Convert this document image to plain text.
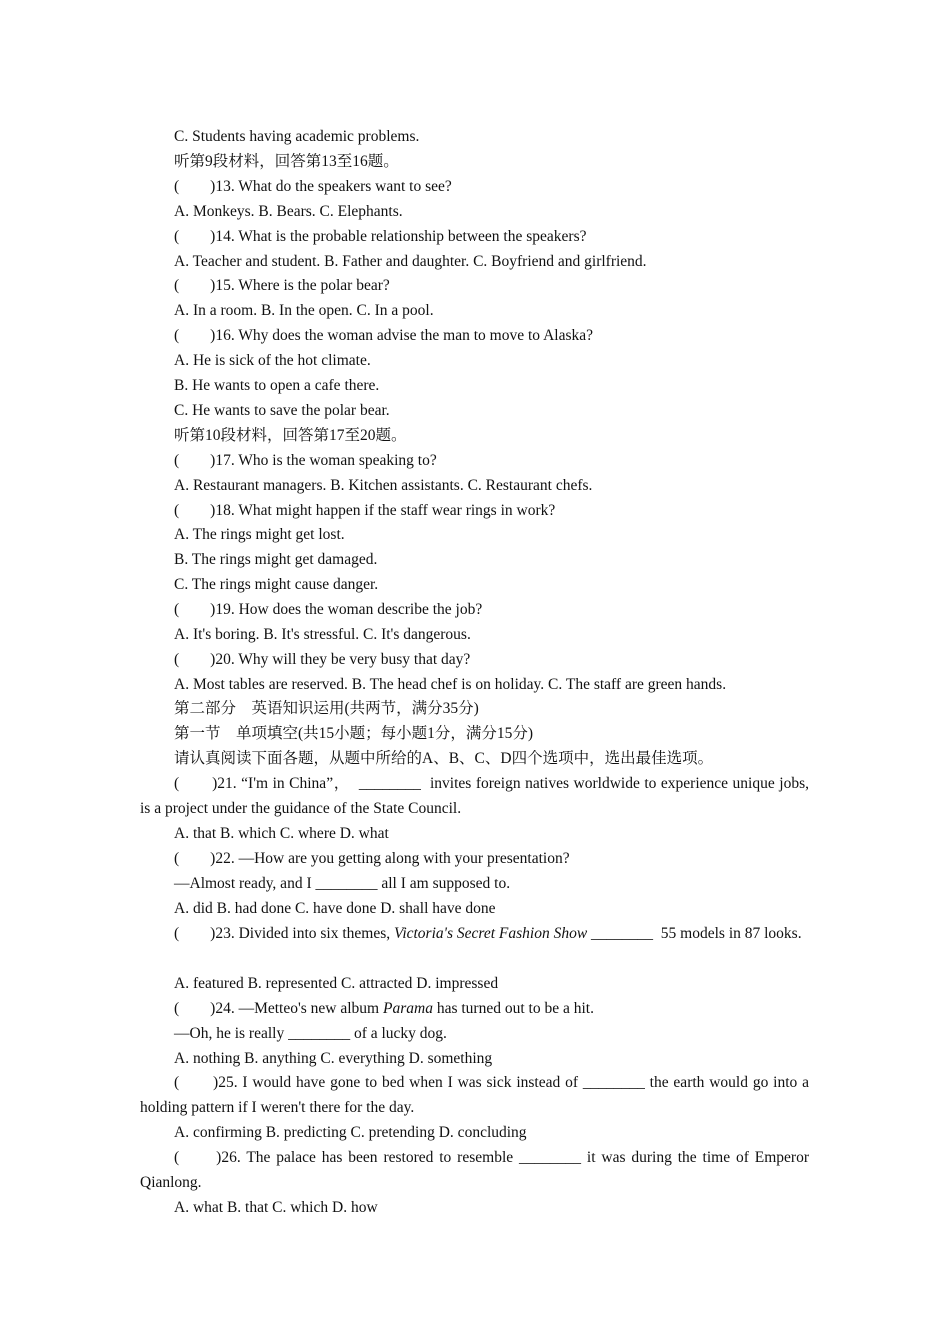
C. Students having academic problems.
听第9段材料，回答第13至16题。
(　　)13. What do the speakers want to see?
A. Monkeys. B. Bears. C. Elephants.
(　　)14. What is the probable relationship between the speakers?
A. Teacher and student. B. Father and daughter. C. Boyfriend and girlfriend.
(　　)15. Where is the polar bear?
A. In a room. B. In the open. C. In a pool.
(　　)16. Why does the woman advise the man to move to Alaska?
A. He is sick of the hot climate.
B. He wants to open a cafe there.
C. He wants to save the polar bear.
听第10段材料，回答第17至20题。
(　　)17. Who is the woman speaking to?
A. Restaurant managers. B. Kitchen assistants. C. Restaurant chefs.
(　　)18. What might happen if the staff wear rings in work?
A. The rings might get lost.
B. The rings might get damaged.
C. The rings might cause danger.
(　　)19. How does the woman describe the job?
A. It's boring. B. It's stressful. C. It's dangerous.
(　　)20. Why will they be very busy that day?
A. Most tables are reserved. B. The head chef is on holiday. C. The staff are green hands.
第二部分　英语知识运用(共两节，满分35分)
第一节　单项填空(共15小题；每小题1分，满分15分)
请认真阅读下面各题，从题中所给的A、B、C、D四个选项中，选出最佳选项。
(　　)21. “I'm in China”，  ________  invites foreign natives worldwide to experience unique jobs, is a project under the guidance of the State Council.
A. that B. which C. where D. what
(　　)22. —How are you getting along with your presentation?
—Almost ready, and I ________ all I am supposed to.
A. did B. had done C. have done D. shall have done
(　　)23. Divided into six themes, Victoria's Secret Fashion Show ________  55 models in 87 looks.
A. featured B. represented C. attracted D. impressed
(　　)24. —Metteo's new album Parama has turned out to be a hit.
—Oh, he is really ________ of a lucky dog.
A. nothing B. anything C. everything D. something
(　　)25. I would have gone to bed when I was sick instead of ________ the earth would go into a holding pattern if I weren't there for the day.
A. confirming B. predicting C. pretending D. concluding
(　　)26. The palace has been restored to resemble ________ it was during the time of Emperor Qianlong.
A. what B. that C. which D. how
